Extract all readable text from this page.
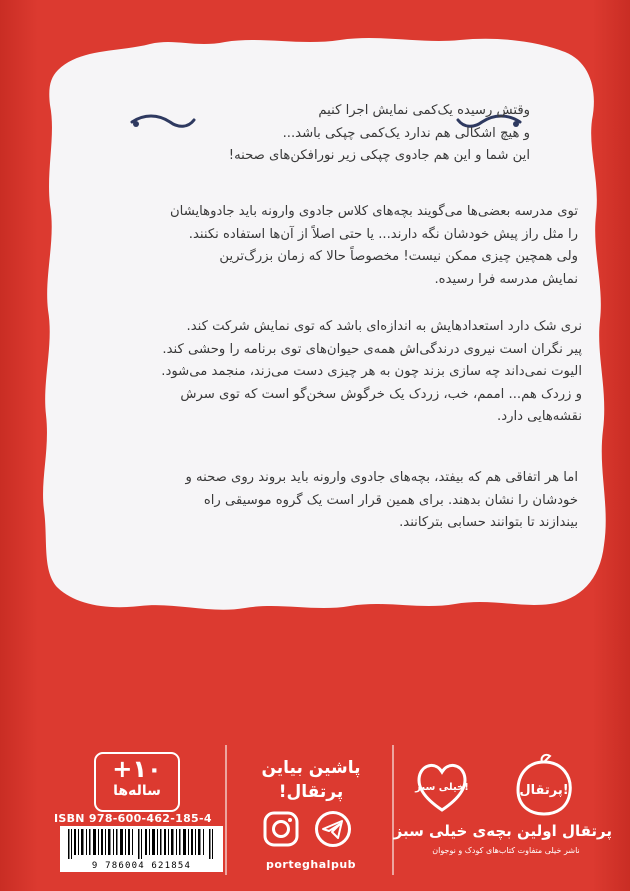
وقتش رسیده یک‌کمی نمایش اجرا کنیم
و هیچ اشکالی هم ندارد یک‌کمی چپکی باشد...
این شما و این هم جادوی چپکی زیر نورافکن‌های صحنه!
توی مدرسه بعضی‌ها می‌گویند بچه‌های کلاس جادوی وارونه باید جادوهایشان
را مثل راز پیش خودشان نگه دارند... یا حتی اصلاً از آن‌ها استفاده نکنند.
ولی همچین چیزی ممکن نیست! مخصوصاً حالا که زمان بزرگ‌ترین
نمایش مدرسه فرا رسیده.
نری شک دارد استعدادهایش به اندازه‌ای باشد که توی نمایش شرکت کند.
پیر نگران است نیروی درندگی‌اش همه‌ی حیوان‌های توی برنامه را وحشی کند.
الیوت نمی‌داند چه سازی بزند چون به هر چیزی دست می‌زند، منجمد می‌شود.
و زردک هم... اممم، خب، زردک یک خرگوش سخن‌گو است که توی سرش
نقشه‌هایی دارد.
اما هر اتفاقی هم که بیفتد، بچه‌های جادوی وارونه باید بروند روی صحنه و
خودشان را نشان بدهند. برای همین قرار است یک گروه موسیقی راه
بیندازند تا بتوانند حسابی بترکانند.
+۱۰
ساله‌ها
ISBN 978-600-462-185-4
9 786004 621854
پاشین بیاین
پرتقال!
porteghalpub
پرتقال!
خیلی سبز!
پرتقال اولین بچه‌ی خیلی سبز
ناشر خیلی متفاوت کتاب‌های کودک و نوجوان
